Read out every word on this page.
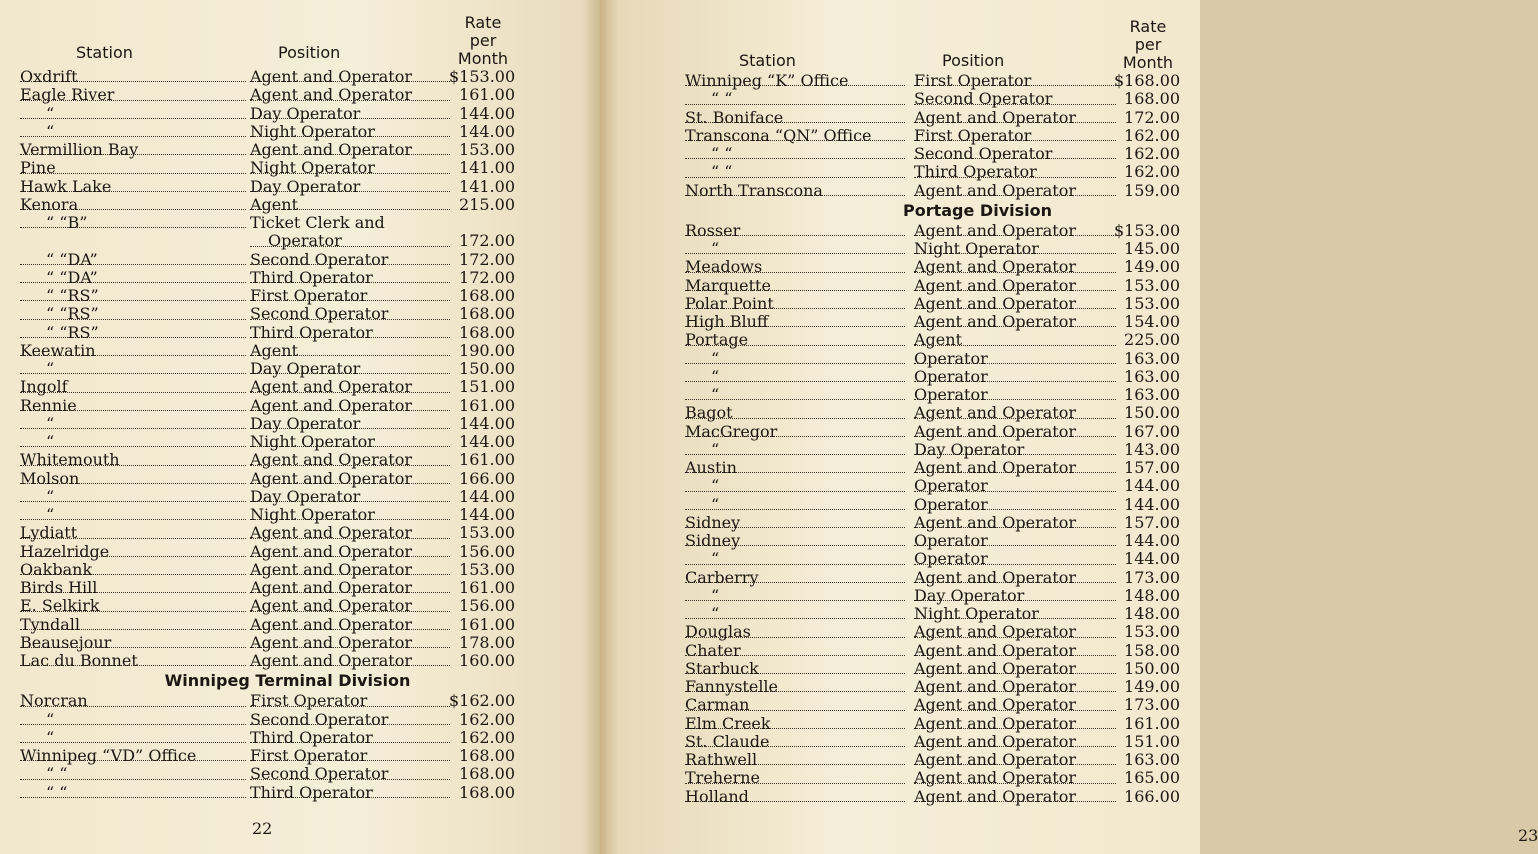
Station	Position
Rate
per
Month
Oxdrift	Agent and Operator	$153.00
Eagle River	Agent and Operator	161.00
“	Day Operator	144.00
“	Night Operator	144.00
Vermillion Bay	Agent and Operator	153.00
Pine	Night Operator	141.00
Hawk Lake	Day Operator	141.00
Kenora	Agent	215.00
“ “B”	Ticket Clerk and
Operator	172.00
“ “DA”	Second Operator	172.00
“ “DA”	Third Operator	172.00
“ “RS”	First Operator	168.00
“ “RS”	Second Operator	168.00
“ “RS”	Third Operator	168.00
Keewatin	Agent	190.00
“	Day Operator	150.00
Ingolf	Agent and Operator	151.00
Rennie	Agent and Operator	161.00
“	Day Operator	144.00
“	Night Operator	144.00
Whitemouth	Agent and Operator	161.00
Molson	Agent and Operator	166.00
“	Day Operator	144.00
“	Night Operator	144.00
Lydiatt	Agent and Operator	153.00
Hazelridge	Agent and Operator	156.00
Oakbank	Agent and Operator	153.00
Birds Hill	Agent and Operator	161.00
E. Selkirk	Agent and Operator	156.00
Tyndall	Agent and Operator	161.00
Beausejour	Agent and Operator	178.00
Lac du Bonnet	Agent and Operator	160.00
Winnipeg Terminal Division
Norcran	First Operator	$162.00
“	Second Operator	162.00
“	Third Operator	162.00
Winnipeg “VD” Office	First Operator	168.00
“ “	Second Operator	168.00
“ “	Third Operator	168.00
22	23
Station	Position
Rate
per
Month
Winnipeg “K” Office	First Operator	$168.00
“ “	Second Operator	168.00
St. Boniface	Agent and Operator	172.00
Transcona “QN” Office	First Operator	162.00
“ “	Second Operator	162.00
“ “	Third Operator	162.00
North Transcona	Agent and Operator	159.00
Portage Division
Rosser	Agent and Operator	$153.00
“	Night Operator	145.00
Meadows	Agent and Operator	149.00
Marquette	Agent and Operator	153.00
Polar Point	Agent and Operator	153.00
High Bluff	Agent and Operator	154.00
Portage	Agent	225.00
“	Operator	163.00
“	Operator	163.00
“	Operator	163.00
Bagot	Agent and Operator	150.00
MacGregor	Agent and Operator	167.00
“	Day Operator	143.00
Austin	Agent and Operator	157.00
“	Operator	144.00
“	Operator	144.00
Sidney	Agent and Operator	157.00
Sidney	Operator	144.00
“	Operator	144.00
Carberry	Agent and Operator	173.00
“	Day Operator	148.00
“	Night Operator	148.00
Douglas	Agent and Operator	153.00
Chater	Agent and Operator	158.00
Starbuck	Agent and Operator	150.00
Fannystelle	Agent and Operator	149.00
Carman	Agent and Operator	173.00
Elm Creek	Agent and Operator	161.00
St. Claude	Agent and Operator	151.00
Rathwell	Agent and Operator	163.00
Treherne	Agent and Operator	165.00
Holland	Agent and Operator	166.00
